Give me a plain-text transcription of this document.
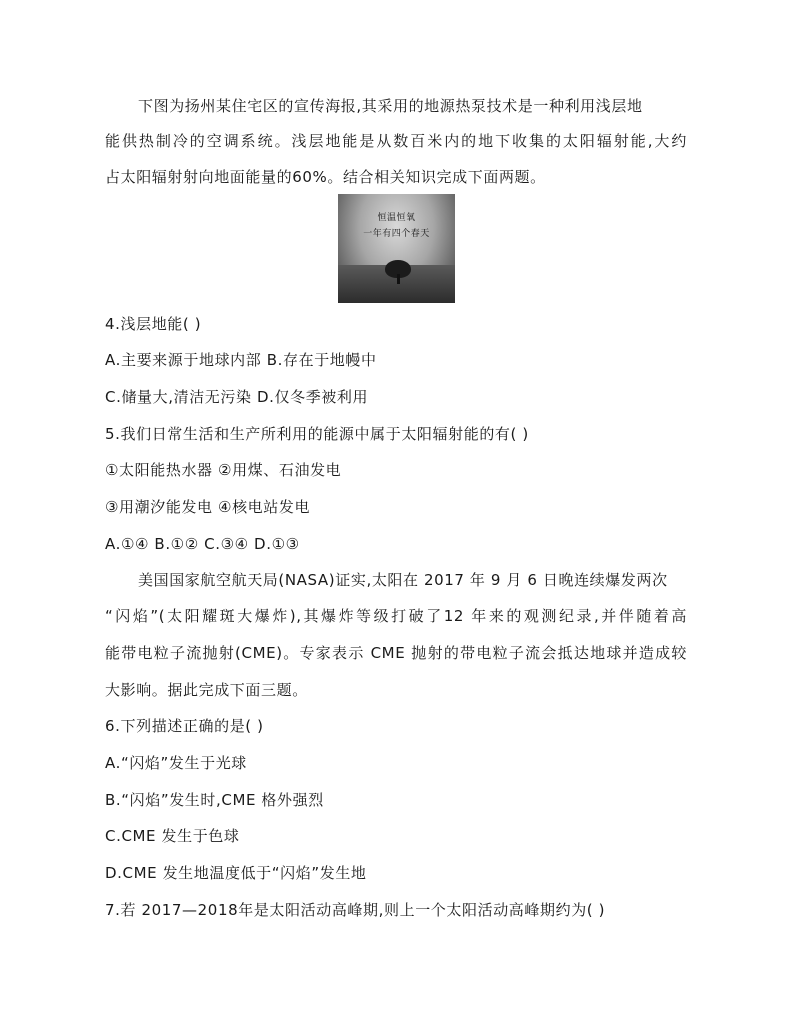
下图为扬州某住宅区的宣传海报,其采用的地源热泵技术是一种利用浅层地
能供热制冷的空调系统。浅层地能是从数百米内的地下收集的太阳辐射能,大约
占太阳辐射射向地面能量的60%。结合相关知识完成下面两题。
恒温恒氧
一年有四个春天
4.浅层地能( )
A.主要来源于地球内部 B.存在于地幔中
C.储量大,清洁无污染 D.仅冬季被利用
5.我们日常生活和生产所利用的能源中属于太阳辐射能的有( )
①太阳能热水器 ②用煤、石油发电
③用潮汐能发电 ④核电站发电
A.①④ B.①② C.③④ D.①③
美国国家航空航天局(NASA)证实,太阳在 2017 年 9 月 6 日晚连续爆发两次
“闪焰”(太阳耀斑大爆炸),其爆炸等级打破了12 年来的观测纪录,并伴随着高
能带电粒子流抛射(CME)。专家表示 CME 抛射的带电粒子流会抵达地球并造成较
大影响。据此完成下面三题。
6.下列描述正确的是( )
A.“闪焰”发生于光球
B.“闪焰”发生时,CME 格外强烈
C.CME 发生于色球
D.CME 发生地温度低于“闪焰”发生地
7.若 2017—2018年是太阳活动高峰期,则上一个太阳活动高峰期约为( )
